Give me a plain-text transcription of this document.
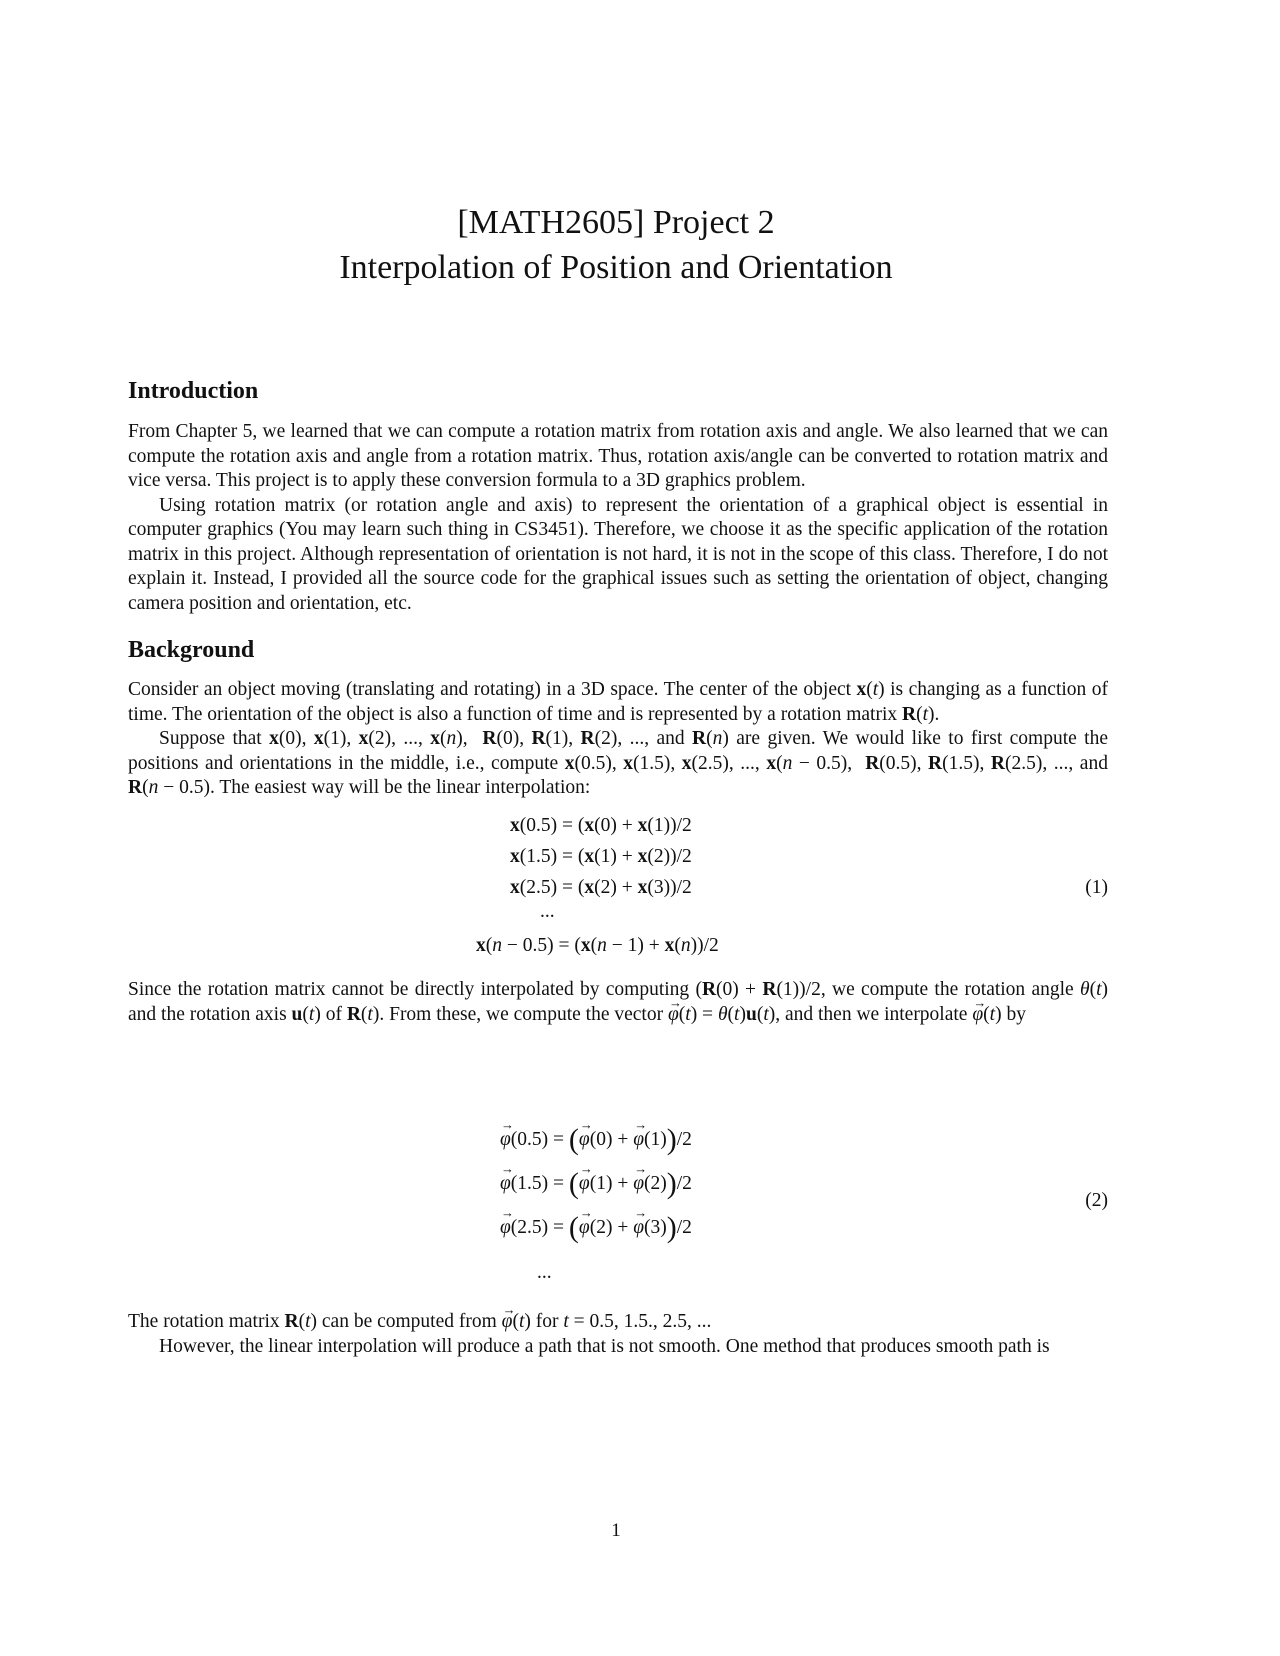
[MATH2605] Project 2
Interpolation of Position and Orientation
Introduction

From Chapter 5, we learned that we can compute a rotation matrix from rotation axis and angle. We also learned that we can compute the rotation axis and angle from a rotation matrix. Thus, rotation axis/angle can be converted to rotation matrix and vice versa. This project is to apply these conversion formula to a 3D graphics problem.

Using rotation matrix (or rotation angle and axis) to represent the orientation of a graphical object is essential in computer graphics (You may learn such thing in CS3451). Therefore, we choose it as the specific application of the rotation matrix in this project. Although representation of orientation is not hard, it is not in the scope of this class. Therefore, I do not explain it. Instead, I provided all the source code for the graphical issues such as setting the orientation of object, changing camera position and orientation, etc.

Background

Consider an object moving (translating and rotating) in a 3D space. The center of the object x(t) is changing as a function of time. The orientation of the object is also a function of time and is represented by a rotation matrix R(t).

Suppose that x(0), x(1), x(2), ..., x(n),  R(0), R(1), R(2), ..., and R(n) are given. We would like to first compute the positions and orientations in the middle, i.e., compute x(0.5), x(1.5), x(2.5), ..., x(n − 0.5),  R(0.5), R(1.5), R(2.5), ..., and R(n − 0.5). The easiest way will be the linear interpolation:

x(0.5) = (x(0) + x(1))/2
x(1.5) = (x(1) + x(2))/2
x(2.5) = (x(2) + x(3))/2
...
x(n − 0.5) = (x(n − 1) + x(n))/2
(1)

Since the rotation matrix cannot be directly interpolated by computing (R(0) + R(1))/2, we compute the rotation angle θ(t) and the rotation axis u(t) of R(t). From these, we compute the vector → φ(t) = θ(t)u(t), and then we interpolate → φ(t) by

→ φ(0.5) = (→ φ(0) + → φ(1))/2
→ φ(1.5) = (→ φ(1) + → φ(2))/2
→ φ(2.5) = (→ φ(2) + → φ(3))/2
...
(2)

The rotation matrix R(t) can be computed from → φ(t) for t = 0.5, 1.5., 2.5, ...

However, the linear interpolation will produce a path that is not smooth. One method that produces smooth path is

1
